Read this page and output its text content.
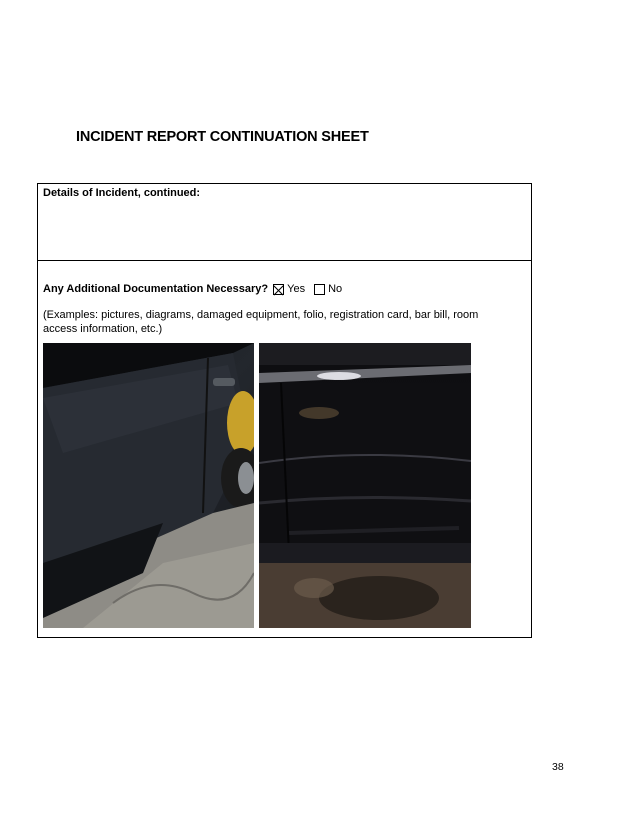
INCIDENT REPORT CONTINUATION SHEET
Details of Incident, continued:
Any Additional Documentation Necessary? Yes No
(Examples: pictures, diagrams, damaged equipment, folio, registration card, bar bill, room access information, etc.)
38
